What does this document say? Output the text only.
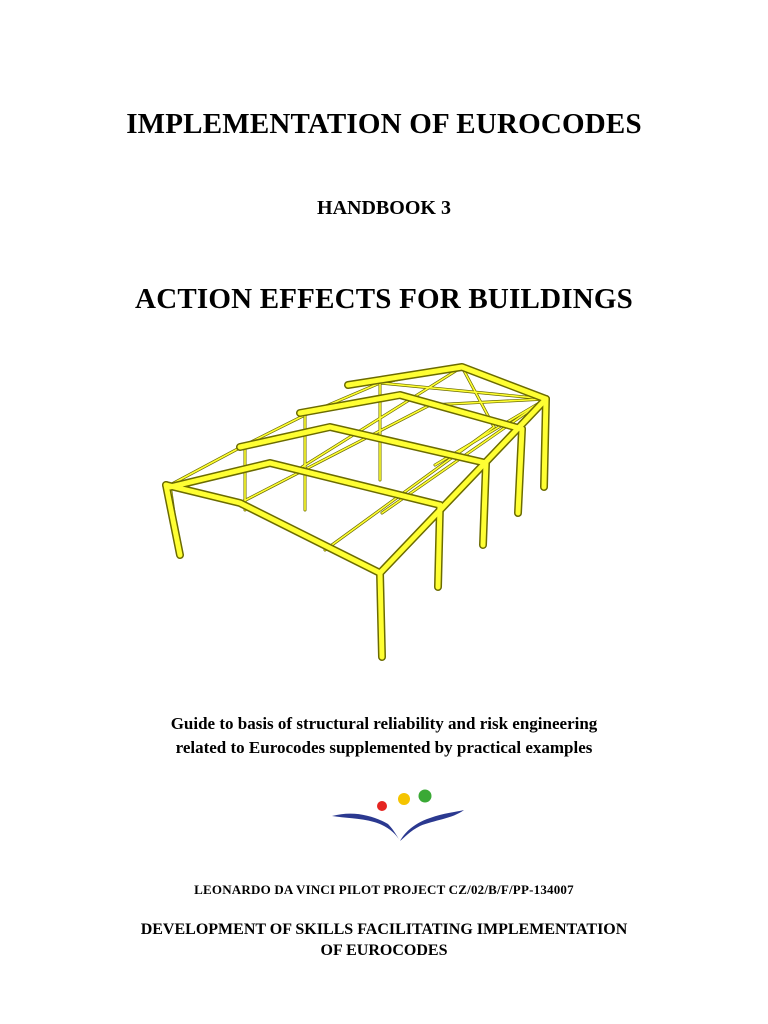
IMPLEMENTATION OF EUROCODES
HANDBOOK 3
ACTION EFFECTS FOR BUILDINGS
Guide to basis of structural reliability and risk engineering
related to Eurocodes supplemented by practical examples
LEONARDO DA VINCI PILOT PROJECT CZ/02/B/F/PP-134007
DEVELOPMENT OF SKILLS FACILITATING IMPLEMENTATION
OF EUROCODES
